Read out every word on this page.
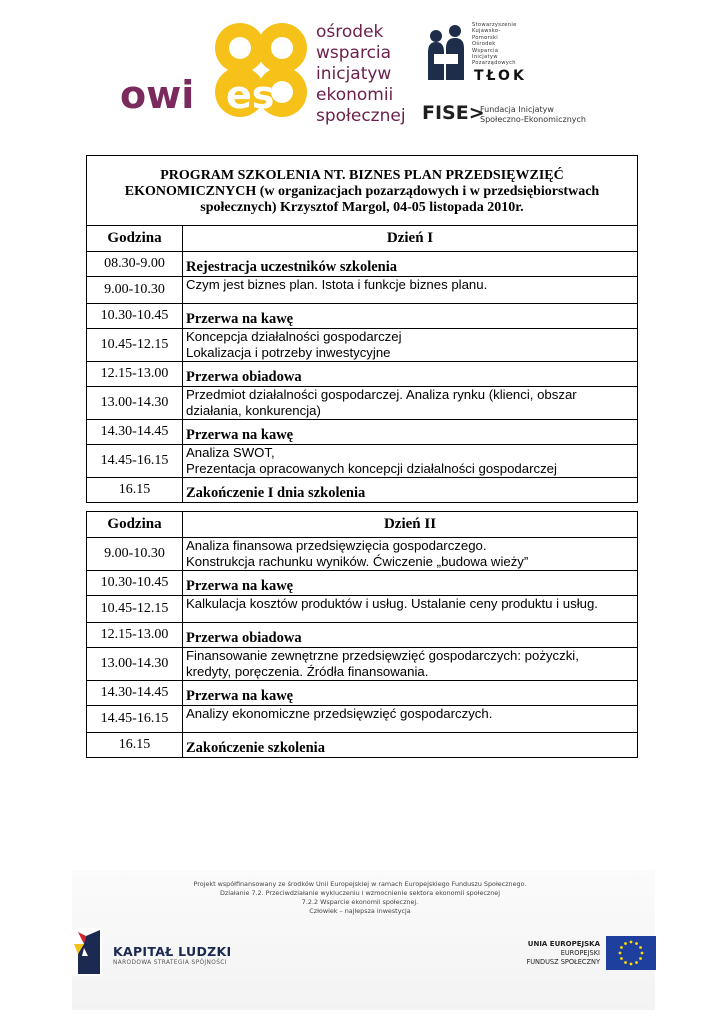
owi es
ośrodek
wsparcia
inicjatyw
ekonomii
społecznej
Stowarzyszenie
Kujawsko-
Pomorski
Ośrodek
Wsparcia
Inicjatyw
Pozarządowych
TŁOK
FISE>
Fundacja Inicjatyw
Społeczno-Ekonomicznych
PROGRAM SZKOLENIA NT. BIZNES PLAN PRZEDSIĘWZIĘĆ
EKONOMICZNYCH (w organizacjach pozarządowych i w przedsiębiorstwach
społecznych) Krzysztof Margol, 04-05 listopada 2010r.	

Godzina	Dzień I
08.30-9.00	Rejestracja uczestników szkolenia

9.00-10.30	Czym jest biznes plan. Istota i funkcje biznes planu.

10.30-10.45	Przerwa na kawę

10.45-12.15	Koncepcja działalności gospodarczej
Lokalizacja i potrzeby inwestycyjne

12.15-13.00	Przerwa obiadowa

13.00-14.30	Przedmiot działalności gospodarczej. Analiza rynku (klienci, obszar
działania, konkurencja)

14.30-14.45	Przerwa na kawę

14.45-16.15	Analiza SWOT,
Prezentacja opracowanych koncepcji działalności gospodarczej

16.15	Zakończenie I dnia szkolenia
Godzina	Dzień II
9.00-10.30	Analiza finansowa przedsięwzięcia gospodarczego.
Konstrukcja rachunku wyników. Ćwiczenie „budowa wieży”

10.30-10.45	Przerwa na kawę

10.45-12.15	Kalkulacja kosztów produktów i usług. Ustalanie ceny produktu i usług.

12.15-13.00	Przerwa obiadowa

13.00-14.30	Finansowanie zewnętrzne przedsięwzięć gospodarczych: pożyczki,
kredyty, poręczenia. Źródła finansowania.

14.30-14.45	Przerwa na kawę

14.45-16.15	Analizy ekonomiczne przedsięwzięć gospodarczych.

16.15	Zakończenie szkolenia
Projekt współfinansowany ze środków Unii Europejskiej w ramach Europejskiego Funduszu Społecznego.
Działanie 7.2. Przeciwdziałanie wykluczeniu i wzmocnienie sektora ekonomii społecznej
7.2.2 Wsparcie ekonomii społecznej.
Człowiek – najlepsza inwestycja
KAPITAŁ LUDZKI
NARODOWA STRATEGIA SPÓJNOŚCI
UNIA EUROPEJSKA
EUROPEJSKI
FUNDUSZ SPOŁECZNY
